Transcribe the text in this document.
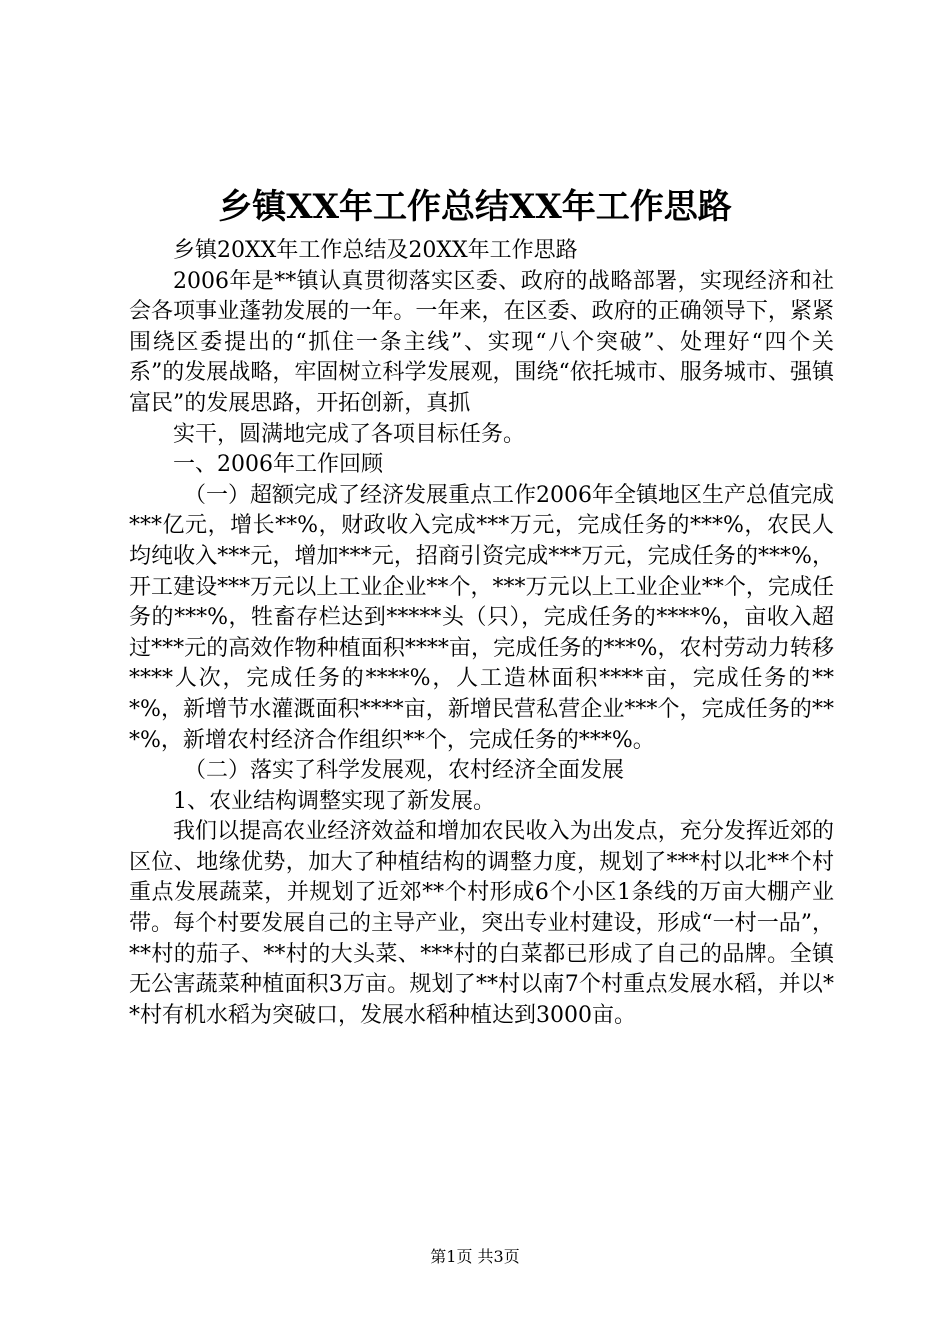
乡镇XX年工作总结XX年工作思路

乡镇20XX年工作总结及20XX年工作思路

2006年是**镇认真贯彻落实区委、政府的战略部署，实现经济和社会各项事业蓬勃发展的一年。一年来，在区委、政府的正确领导下，紧紧围绕区委提出的“抓住一条主线”、实现“八个突破”、处理好“四个关系”的发展战略，牢固树立科学发展观，围绕“依托城市、服务城市、强镇富民”的发展思路，开拓创新，真抓

实干，圆满地完成了各项目标任务。

一、2006年工作回顾

（一）超额完成了经济发展重点工作2006年全镇地区生产总值完成***亿元，增长**%，财政收入完成***万元，完成任务的***%，农民人均纯收入***元，增加***元，招商引资完成***万元，完成任务的***%，开工建设***万元以上工业企业**个，***万元以上工业企业**个，完成任务的***%，牲畜存栏达到*****头（只），完成任务的****%，亩收入超过***元的高效作物种植面积****亩，完成任务的***%，农村劳动力转移****人次，完成任务的****%，人工造林面积****亩，完成任务的***%，新增节水灌溉面积****亩，新增民营私营企业***个，完成任务的***%，新增农村经济合作组织**个，完成任务的***%。

（二）落实了科学发展观，农村经济全面发展

1、农业结构调整实现了新发展。

我们以提高农业经济效益和增加农民收入为出发点，充分发挥近郊的区位、地缘优势，加大了种植结构的调整力度，规划了***村以北**个村重点发展蔬菜，并规划了近郊**个村形成6个小区1条线的万亩大棚产业带。每个村要发展自己的主导产业，突出专业村建设，形成“一村一品”，**村的茄子、**村的大头菜、***村的白菜都已形成了自己的品牌。全镇无公害蔬菜种植面积3万亩。规划了**村以南7个村重点发展水稻，并以**村有机水稻为突破口，发展水稻种植达到3000亩。

第1页 共3页
